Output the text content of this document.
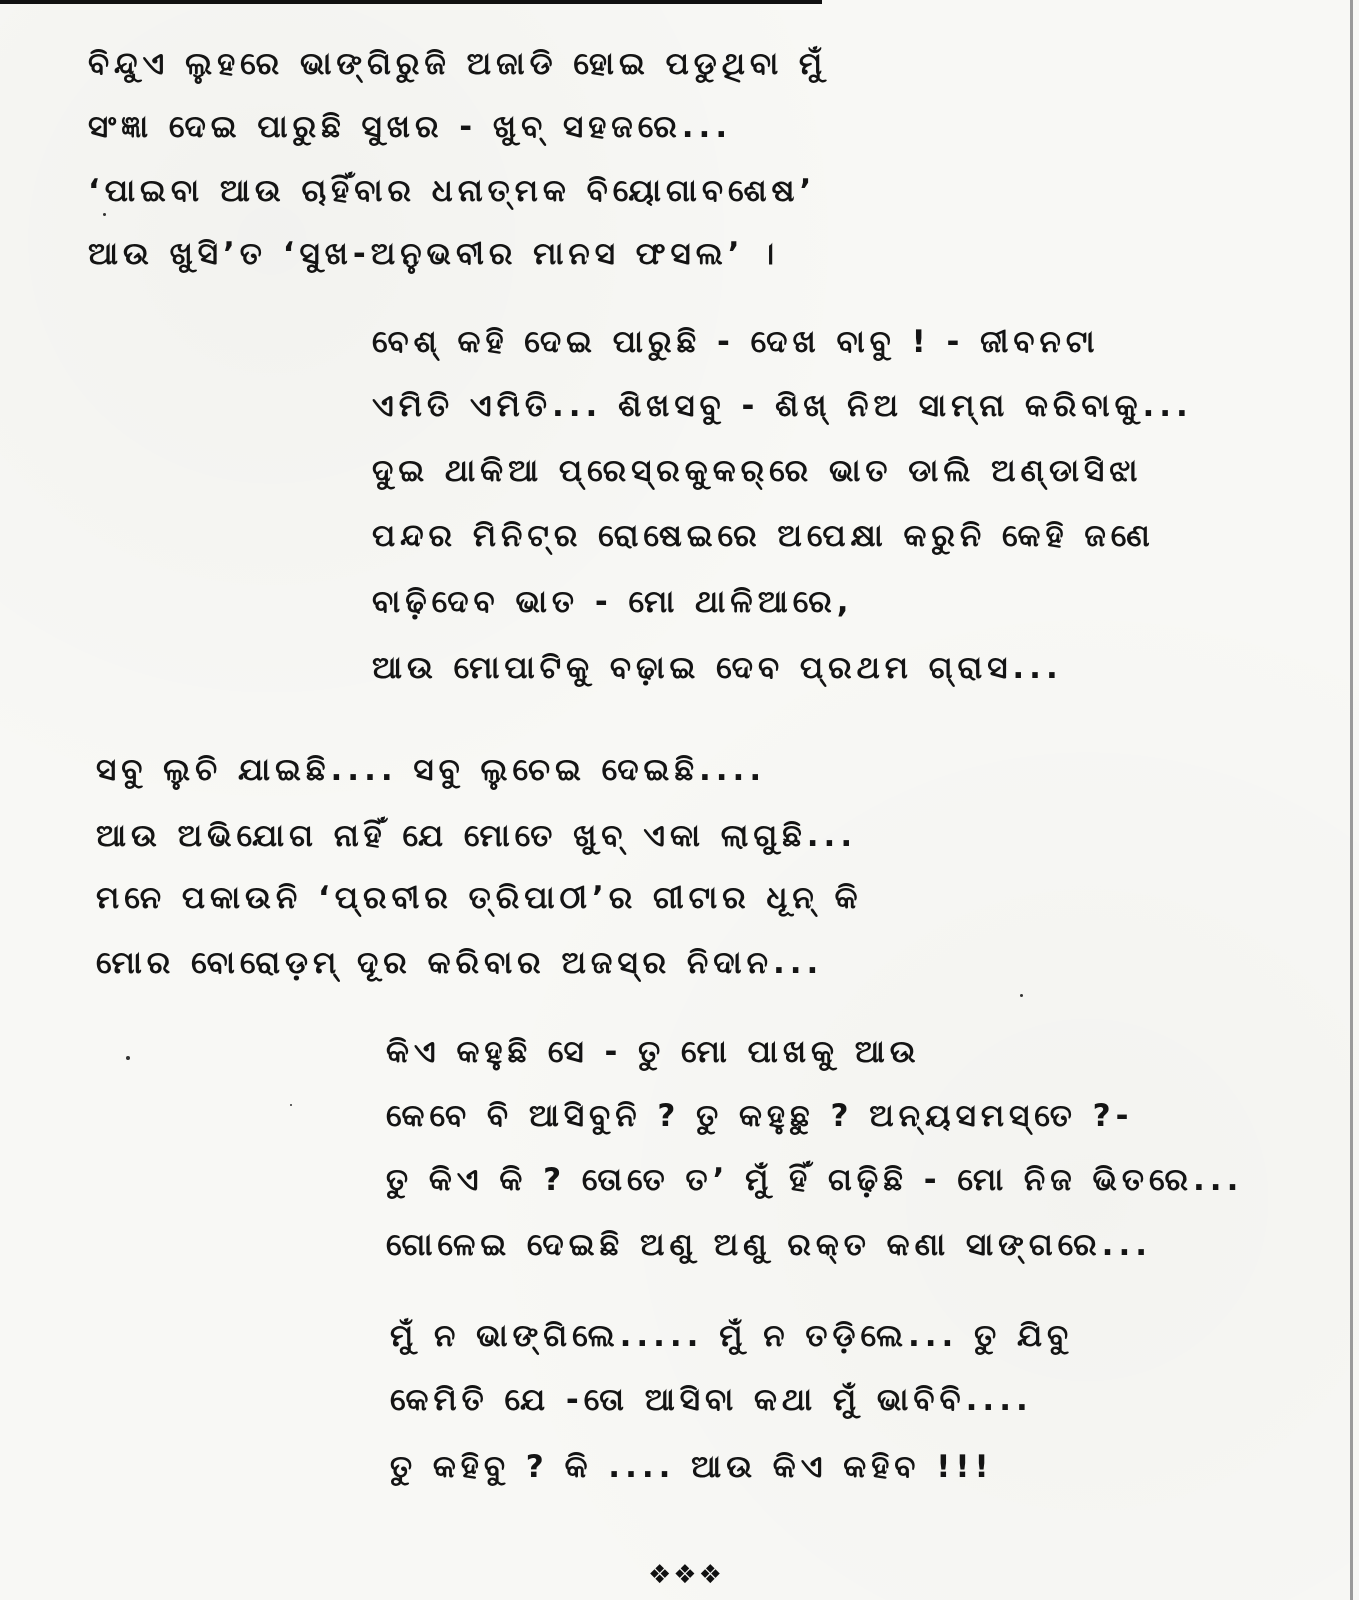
ବିନ୍ଦୁଏ ଲୁହରେ ଭାଙ୍ଗିରୁଜି ଅଜାଡି ହୋଇ ପଡୁଥିବା ମୁଁ
ସଂଜ୍ଞା ଦେଇ ପାରୁଛି ସୁଖର - ଖୁବ୍ ସହଜରେ...
‘ପାଇବା ଆଉ ଚାହିଁବାର ଧନାତ୍ମକ ବିୟୋଗାବଶେଷ’
ଆଉ ଖୁସି’ତ ‘ସୁଖ-ଅନୁଭବୀର ମାନସ ଫସଲ’ ।
ବେଶ୍ କହି ଦେଇ ପାରୁଛି - ଦେଖ ବାବୁ ! - ଜୀବନଟା
ଏମିତି ଏମିତି... ଶିଖସବୁ - ଶିଖ୍ ନିଅ ସାମ୍ନା କରିବାକୁ...
ଦୁଇ ଥାକିଆ ପ୍ରେସ୍‌ରକୁକର୍‌ରେ ଭାତ ଡାଲି ଅଣ୍ଡାସିଝା
ପନ୍ଦର ମିନିଟ୍‌ର ରୋଷେଇରେ ଅପେକ୍ଷା କରୁନି କେହି ଜଣେ
ବାଢ଼ିଦେବ ଭାତ - ମୋ ଥାଳିଆରେ,
ଆଉ ମୋପାଟିକୁ ବଢ଼ାଇ ଦେବ ପ୍ରଥମ ଗ୍ରାସ...
ସବୁ ଲୁଚି ଯାଇଛି.... ସବୁ ଲୁଚେଇ ଦେଇଛି....
ଆଉ ଅଭିଯୋଗ ନାହିଁ ଯେ ମୋତେ ଖୁବ୍ ଏକା ଲାଗୁଛି...
ମନେ ପକାଉନି ‘ପ୍ରବୀର ତ୍ରିପାଠୀ’ର ଗୀଟାର ଧୂନ୍ କି
ମୋର ବୋରୋଡ଼ମ୍ ଦୂର କରିବାର ଅଜସ୍ର ନିଦାନ...
କିଏ କହୁଛି ସେ - ତୁ ମୋ ପାଖକୁ ଆଉ
କେବେ ବି ଆସିବୁନି ? ତୁ କହୁଛୁ ? ଅନ୍ୟସମସ୍ତେ ?-
ତୁ କିଏ କି ? ତୋତେ ତ’ ମୁଁ ହିଁ ଗଢ଼ିଛି - ମୋ ନିଜ ଭିତରେ...
ଗୋଳେଇ ଦେଇଛି ଅଣୁ ଅଣୁ ରକ୍ତ କଣା ସାଙ୍ଗରେ...
ମୁଁ ନ ଭାଙ୍ଗିଲେ..... ମୁଁ ନ ତଡ଼ିଲେ... ତୁ ଯିବୁ
କେମିତି ଯେ -ତୋ ଆସିବା କଥା ମୁଁ ଭାବିବି....
ତୁ କହିବୁ ? କି .... ଆଉ କିଏ କହିବ !!!
❖❖❖
